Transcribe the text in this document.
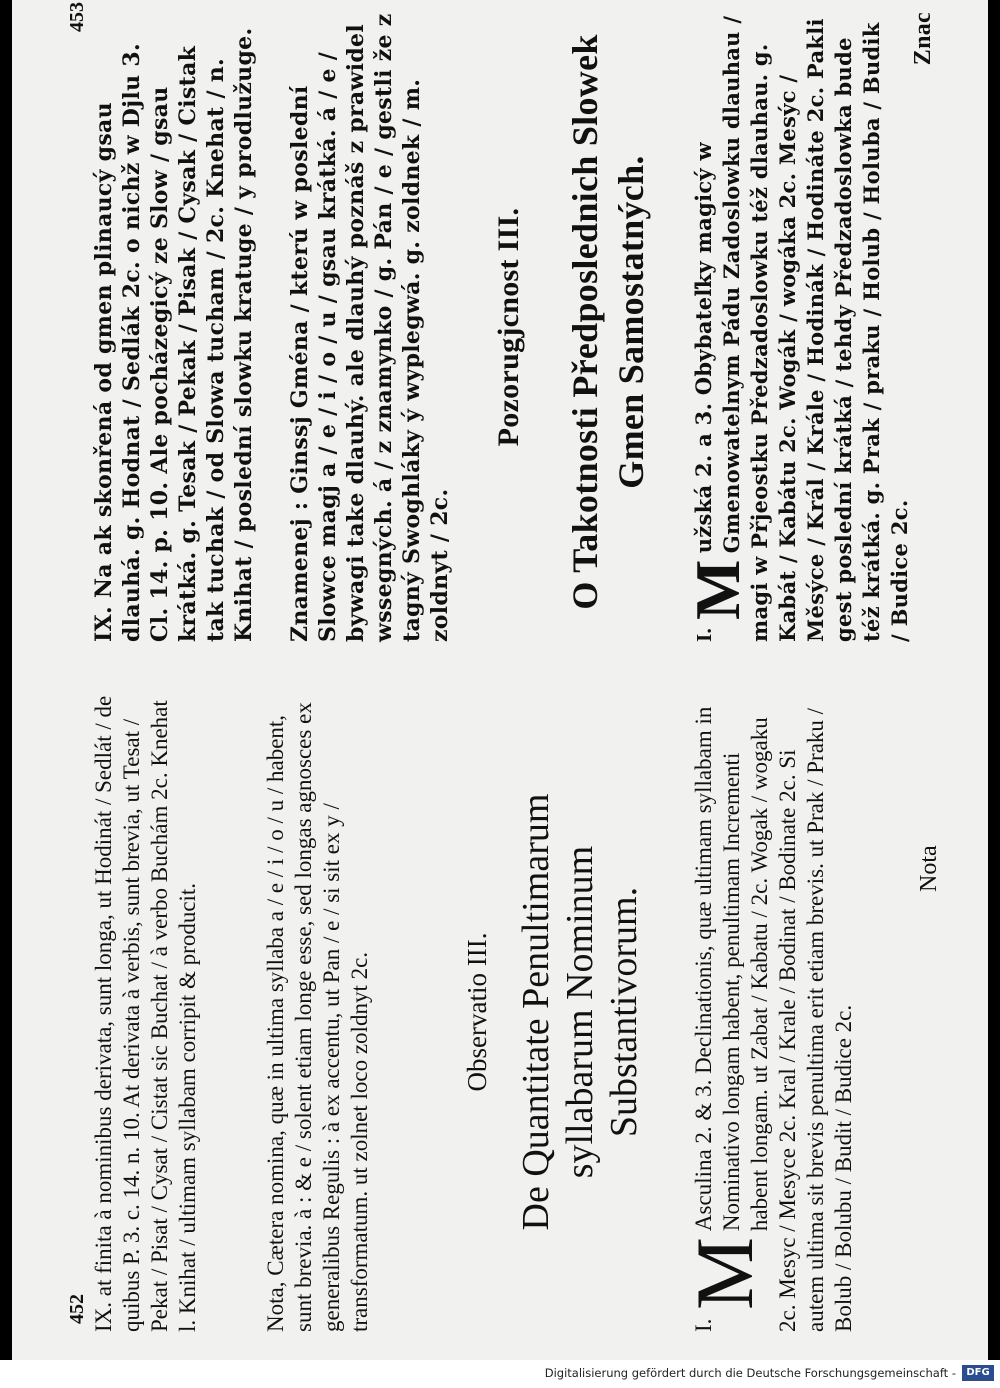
452 IX. at finita à nominibus derivata, sunt longa, ut Hodinát / Sedlát / de quibus P. 3. c. 14. n. 10. At derivata à verbis, sunt brevia, ut Tesat / Pekat / Pisat / Cysat / Cistat sic Buchat / à verbo Buchám 2c. Knehat l. Knihat / ultimam syllabam corripit & producit.	Nota, Cætera nomina, quæ in ultima syllaba a / e / i / o / u / habent, sunt brevia. à : & e / solent etiam longe esse, sed longas agnosces ex generalibus Regulis : à ex accentu, ut Pan / e / si sit ex y / transformatum. ut zolnet loco zoldnyt 2c.	Observatio III. De Quantitate Penultimarum syllabarum Nominum Substantivorum.
I.
M
Asculina 2. & 3. Declinationis, quæ ultimam syllabam in Nominativo longam habent, penultimam Incrementi habent longam. ut Zabat / Kabatu / 2c. Wogak / wogaku 2c. Mesyc / Mesyce 2c. Kral / Krale / Bodinat / Bodinate 2c. Si autem ultima sit brevis penultima erit etiam brevis. ut Prak / Praku / Bolub / Bolubu / Budit / Budice 2c.
Nota
453
IX. Na ak skonřená od gmen plinaucý gsau dlauhá. g. Hodnat / Sedlák 2c. o nichž w Djlu 3. Cl. 14. p. 10. Ale pocházegicý ze Slow / gsau krátká. g. Tesak / Pekak / Pisak / Cysak / Cistak tak tuchak / od Slowa tucham / 2c. Knehat / n. Knihat / poslední slowku kratuge / y prodlužuge. Znamenej : Ginssj Gména / kterú w poslední Slowce magj a / e / i / o / u / gsau krátká. á / e / bywagi take dlauhý. ale dlauhý poznáš z prawidel wssegných. á / z znamynko / g. Pán / e / gestli že z tagný Swoghláky ý wyplegwá. g. zoldnek / m. zoldnyt / 2c.
Pozorugjcnost III. O Takotnosti Předposlednich Slowek Gmen Samostatných.
I.
M
užská 2. a 3. Obybateľky magicý w Gmenowatelnym Pádu Zadoslowku dlauhau / magi w Přjeostku Předzadoslowku též dlauhau. g. Kabát / Kabátu 2c. Wogák / wogáka 2c. Mesýc / Měsýce / Král / Krále / Hodinák / Hodináte 2c. Pakli gest poslední krátká / tehdy Předzadoslowka bude též krátká. g. Prak / praku / Holub / Holuba / Budik / Budice 2c.
Znac
Digitalisierung gefördert durch die Deutsche Forschungsgemeinschaft -	DFG
